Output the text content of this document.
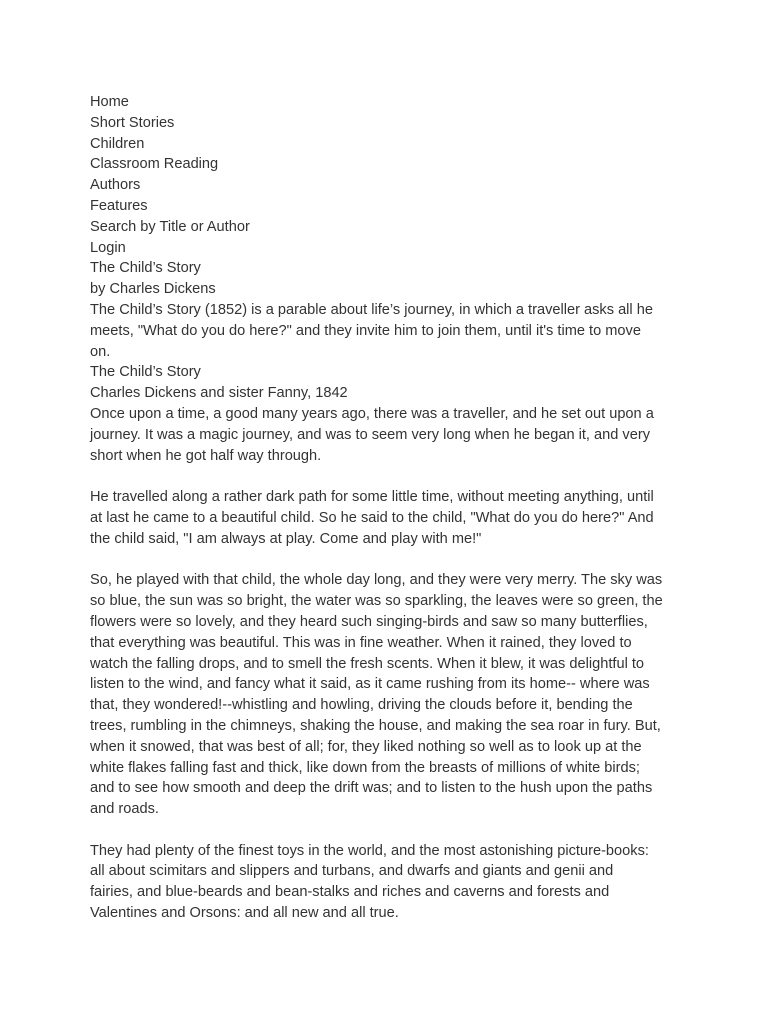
Home
Short Stories
Children
Classroom Reading
Authors
Features
Search by Title or Author
Login
The Child’s Story
by Charles Dickens

The Child’s Story (1852) is a parable about life’s journey, in which a traveller asks all he
meets, "What do you do here?" and they invite him to join them, until it's time to move
on.

The Child’s Story
Charles Dickens and sister Fanny, 1842

Once upon a time, a good many years ago, there was a traveller, and he set out upon a
journey. It was a magic journey, and was to seem very long when he began it, and very
short when he got half way through.

He travelled along a rather dark path for some little time, without meeting anything, until
at last he came to a beautiful child. So he said to the child, "What do you do here?" And
the child said, "I am always at play. Come and play with me!"

So, he played with that child, the whole day long, and they were very merry. The sky was
so blue, the sun was so bright, the water was so sparkling, the leaves were so green, the
flowers were so lovely, and they heard such singing-birds and saw so many butterflies,
that everything was beautiful. This was in fine weather. When it rained, they loved to
watch the falling drops, and to smell the fresh scents. When it blew, it was delightful to
listen to the wind, and fancy what it said, as it came rushing from its home-- where was
that, they wondered!--whistling and howling, driving the clouds before it, bending the
trees, rumbling in the chimneys, shaking the house, and making the sea roar in fury. But,
when it snowed, that was best of all; for, they liked nothing so well as to look up at the
white flakes falling fast and thick, like down from the breasts of millions of white birds;
and to see how smooth and deep the drift was; and to listen to the hush upon the paths
and roads.

They had plenty of the finest toys in the world, and the most astonishing picture-books:
all about scimitars and slippers and turbans, and dwarfs and giants and genii and
fairies, and blue-beards and bean-stalks and riches and caverns and forests and
Valentines and Orsons: and all new and all true.
